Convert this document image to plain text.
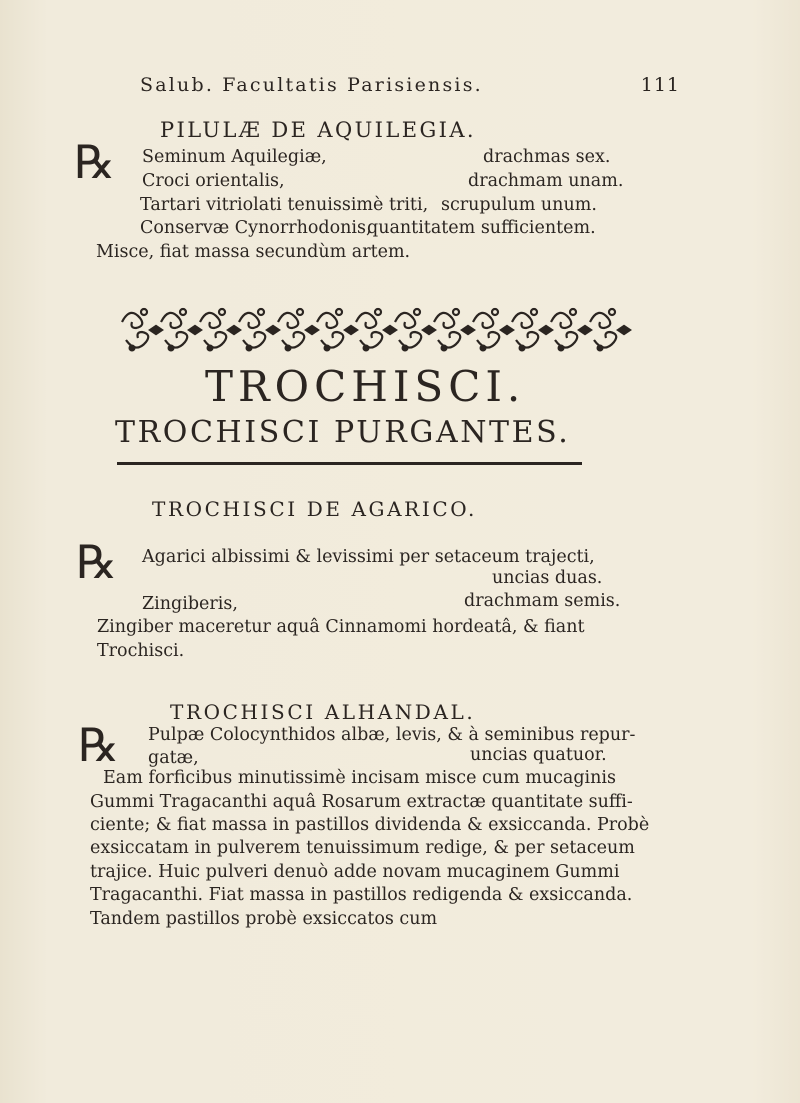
Salub. Facultatis Parisiensis.	111
PILULÆ DE AQUILEGIA.
℞ Seminum Aquilegiæ,	drachmas sex.
Croci orientalis,	drachmam unam.
Tartari vitriolati tenuissimè triti, scrupulum unum.
Conservæ Cynorrhodonis,
quantitatem sufficientem.
Misce, fiat massa secundùm artem.
TROCHISCI.
TROCHISCI PURGANTES.
TROCHISCI DE AGARICO.
℞ Agarici albissimi & levissimi per setaceum trajecti,
uncias duas.
Zingiberis,	drachmam semis.
Zingiber maceretur aquâ Cinnamomi hordeatâ, & fiant
Trochisci.
TROCHISCI ALHANDAL.
℞ Pulpæ Colocynthidos albæ, levis, & à seminibus repur-
gatæ,	uncias quatuor.
Eam forficibus minutissimè incisam misce cum mucaginis
Gummi Tragacanthi aquâ Rosarum extractæ quantitate suffi-
ciente; & fiat massa in pastillos dividenda & exsiccanda. Probè
exsiccatam in pulverem tenuissimum redige, & per setaceum
trajice. Huic pulveri denuò adde novam mucaginem Gummi
Tragacanthi. Fiat massa in pastillos redigenda & exsiccanda.
Tandem pastillos probè exsiccatos cum
